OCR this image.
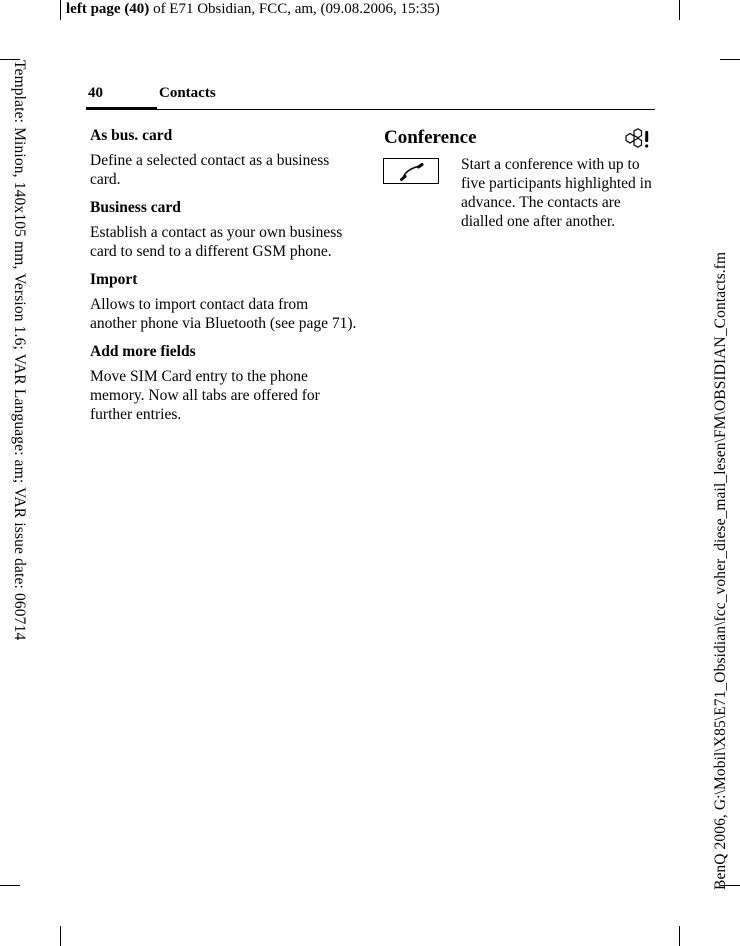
left page (40) of E71 Obsidian, FCC, am, (09.08.2006, 15:35)
Template: Minion, 140x105 mm, Version 1.6; VAR Language: am; VAR issue date: 060714	BenQ 2006, G:\Mobil\X85\E71_Obsidian\fcc_voher_diese_mail_lesen\FM\OBSIDIAN_Contacts.fm
40	Contacts
As bus. card
Define a selected contact as a business card.
Business card
Establish a contact as your own business card to send to a different GSM phone.
Import
Allows to import contact data from another phone via Bluetooth (see page 71).
Add more fields
Move SIM Card entry to the phone memory. Now all tabs are offered for further entries.
Conference
Start a conference with up to five participants highlighted in advance. The contacts are dialled one after another.
